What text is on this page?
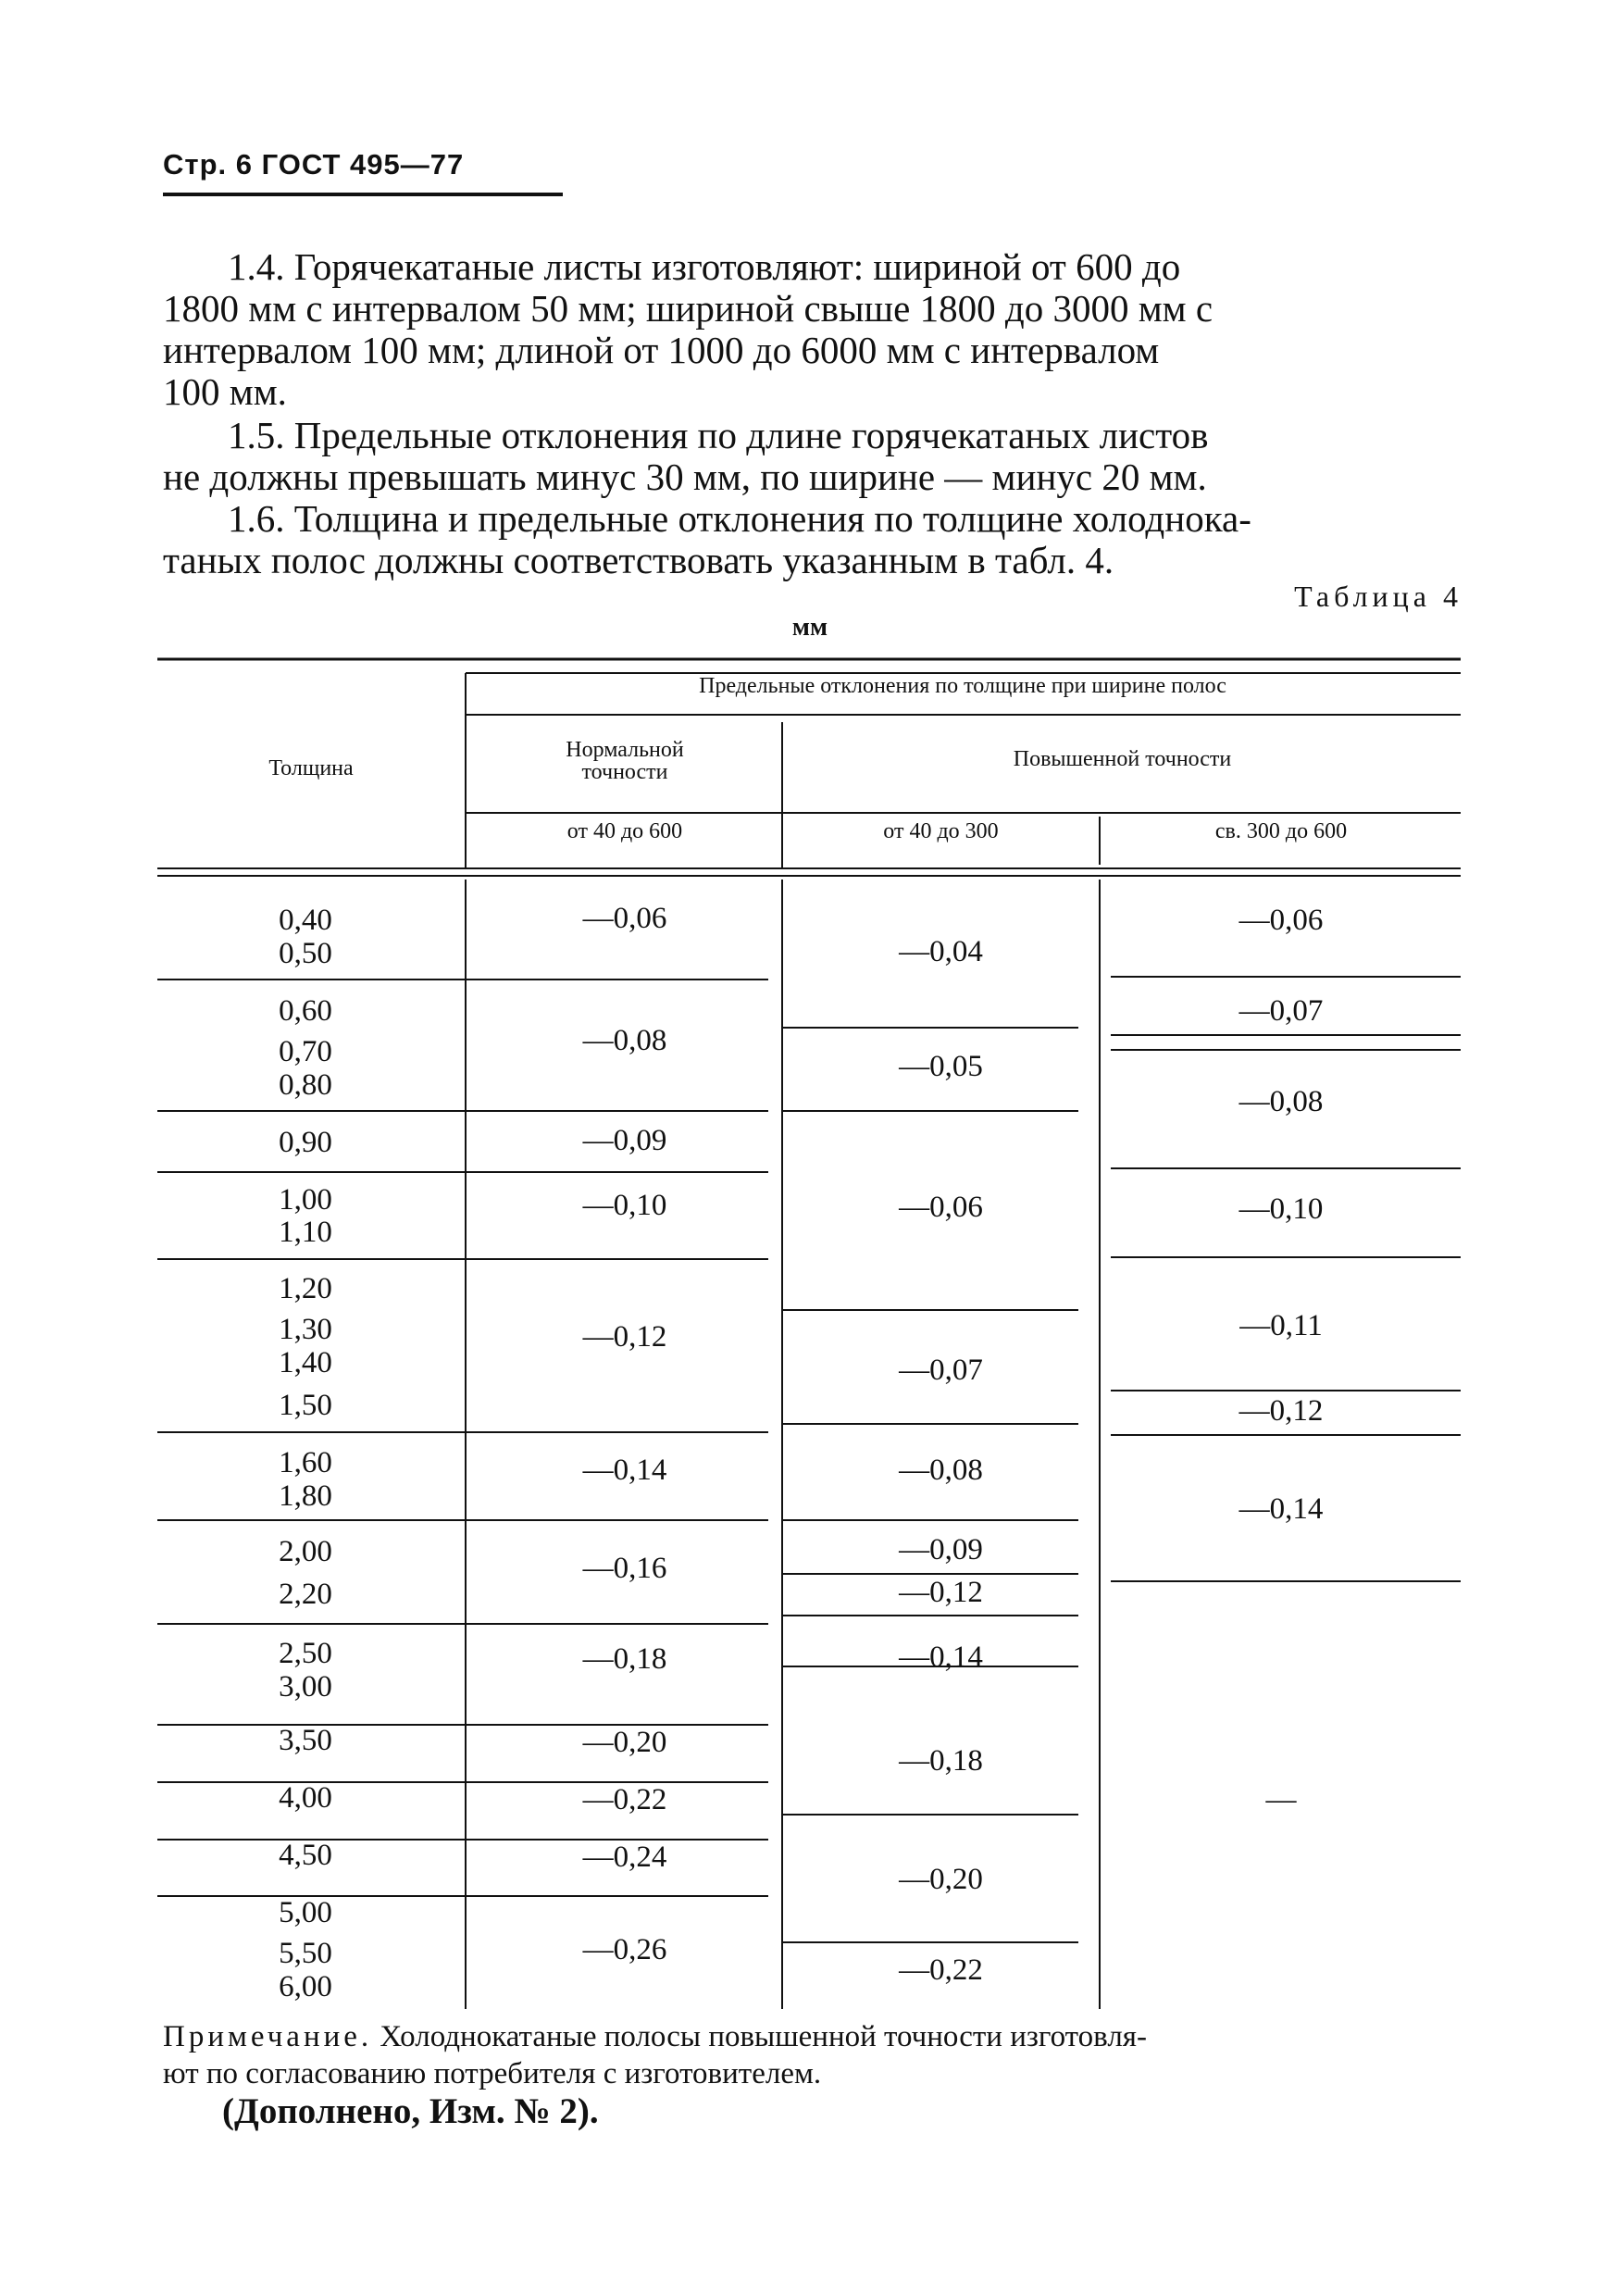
Стр. 6 ГОСТ 495—77
1.4. Горячекатаные листы изготовляют: шириной от 600 до
1800 мм с интервалом 50 мм; шириной свыше 1800 до 3000 мм с
интервалом 100 мм; длиной от 1000 до 6000 мм с интервалом
100 мм.
1.5. Предельные отклонения по длине горячекатаных листов
не должны превышать минус 30 мм, по ширине — минус 20 мм.
1.6. Толщина и предельные отклонения по толщине холоднока-
таных полос должны соответствовать указанным в табл. 4.
Таблица 4
мм
Толщина
Предельные отклонения по толщине при ширине полос
Нормальной
точности
Повышенной точности
от 40 до 600	от 40 до 300	св. 300 до 600
0,40
0,50
0,60
0,70
0,80
0,90
1,00
1,10
1,20
1,30
1,40
1,50
1,60
1,80
2,00
2,20
2,50
3,00
3,50
4,00
4,50
5,00
5,50
6,00
—0,06
—0,08
—0,09
—0,10
—0,12
—0,14
—0,16
—0,18
—0,20
—0,22
—0,24
—0,26
—0,04
—0,05
—0,06
—0,07
—0,08
—0,09
—0,12
—0,14
—0,18
—0,20
—0,22
—0,06
—0,07
—0,08
—0,10
—0,11
—0,12
—0,14
—
Примечание. Холоднокатаные полосы повышенной точности изготовля-
ют по согласованию потребителя с изготовителем.
(Дополнено, Изм. № 2).
